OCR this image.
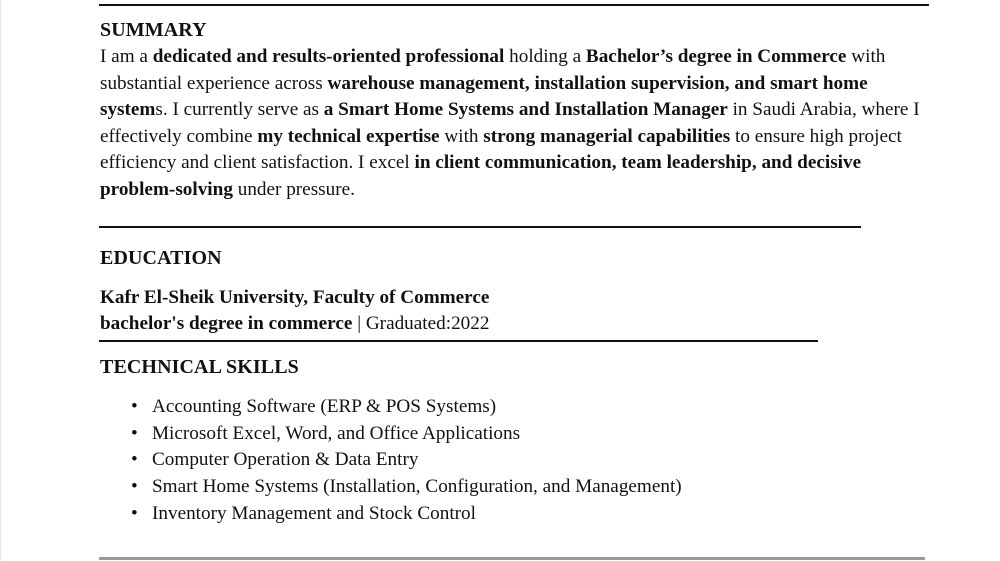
SUMMARY
I am a dedicated and results-oriented professional holding a Bachelor’s degree in Commerce with substantial experience across warehouse management, installation supervision, and smart home systems. I currently serve as a Smart Home Systems and Installation Manager in Saudi Arabia, where I effectively combine my technical expertise with strong managerial capabilities to ensure high project efficiency and client satisfaction. I excel in client communication, team leadership, and decisive problem-solving under pressure.
EDUCATION
Kafr El-Sheik University, Faculty of Commerce
bachelor's degree in commerce | Graduated:2022
TECHNICAL SKILLS
• Accounting Software (ERP & POS Systems)
• Microsoft Excel, Word, and Office Applications
• Computer Operation & Data Entry
• Smart Home Systems (Installation, Configuration, and Management)
• Inventory Management and Stock Control
